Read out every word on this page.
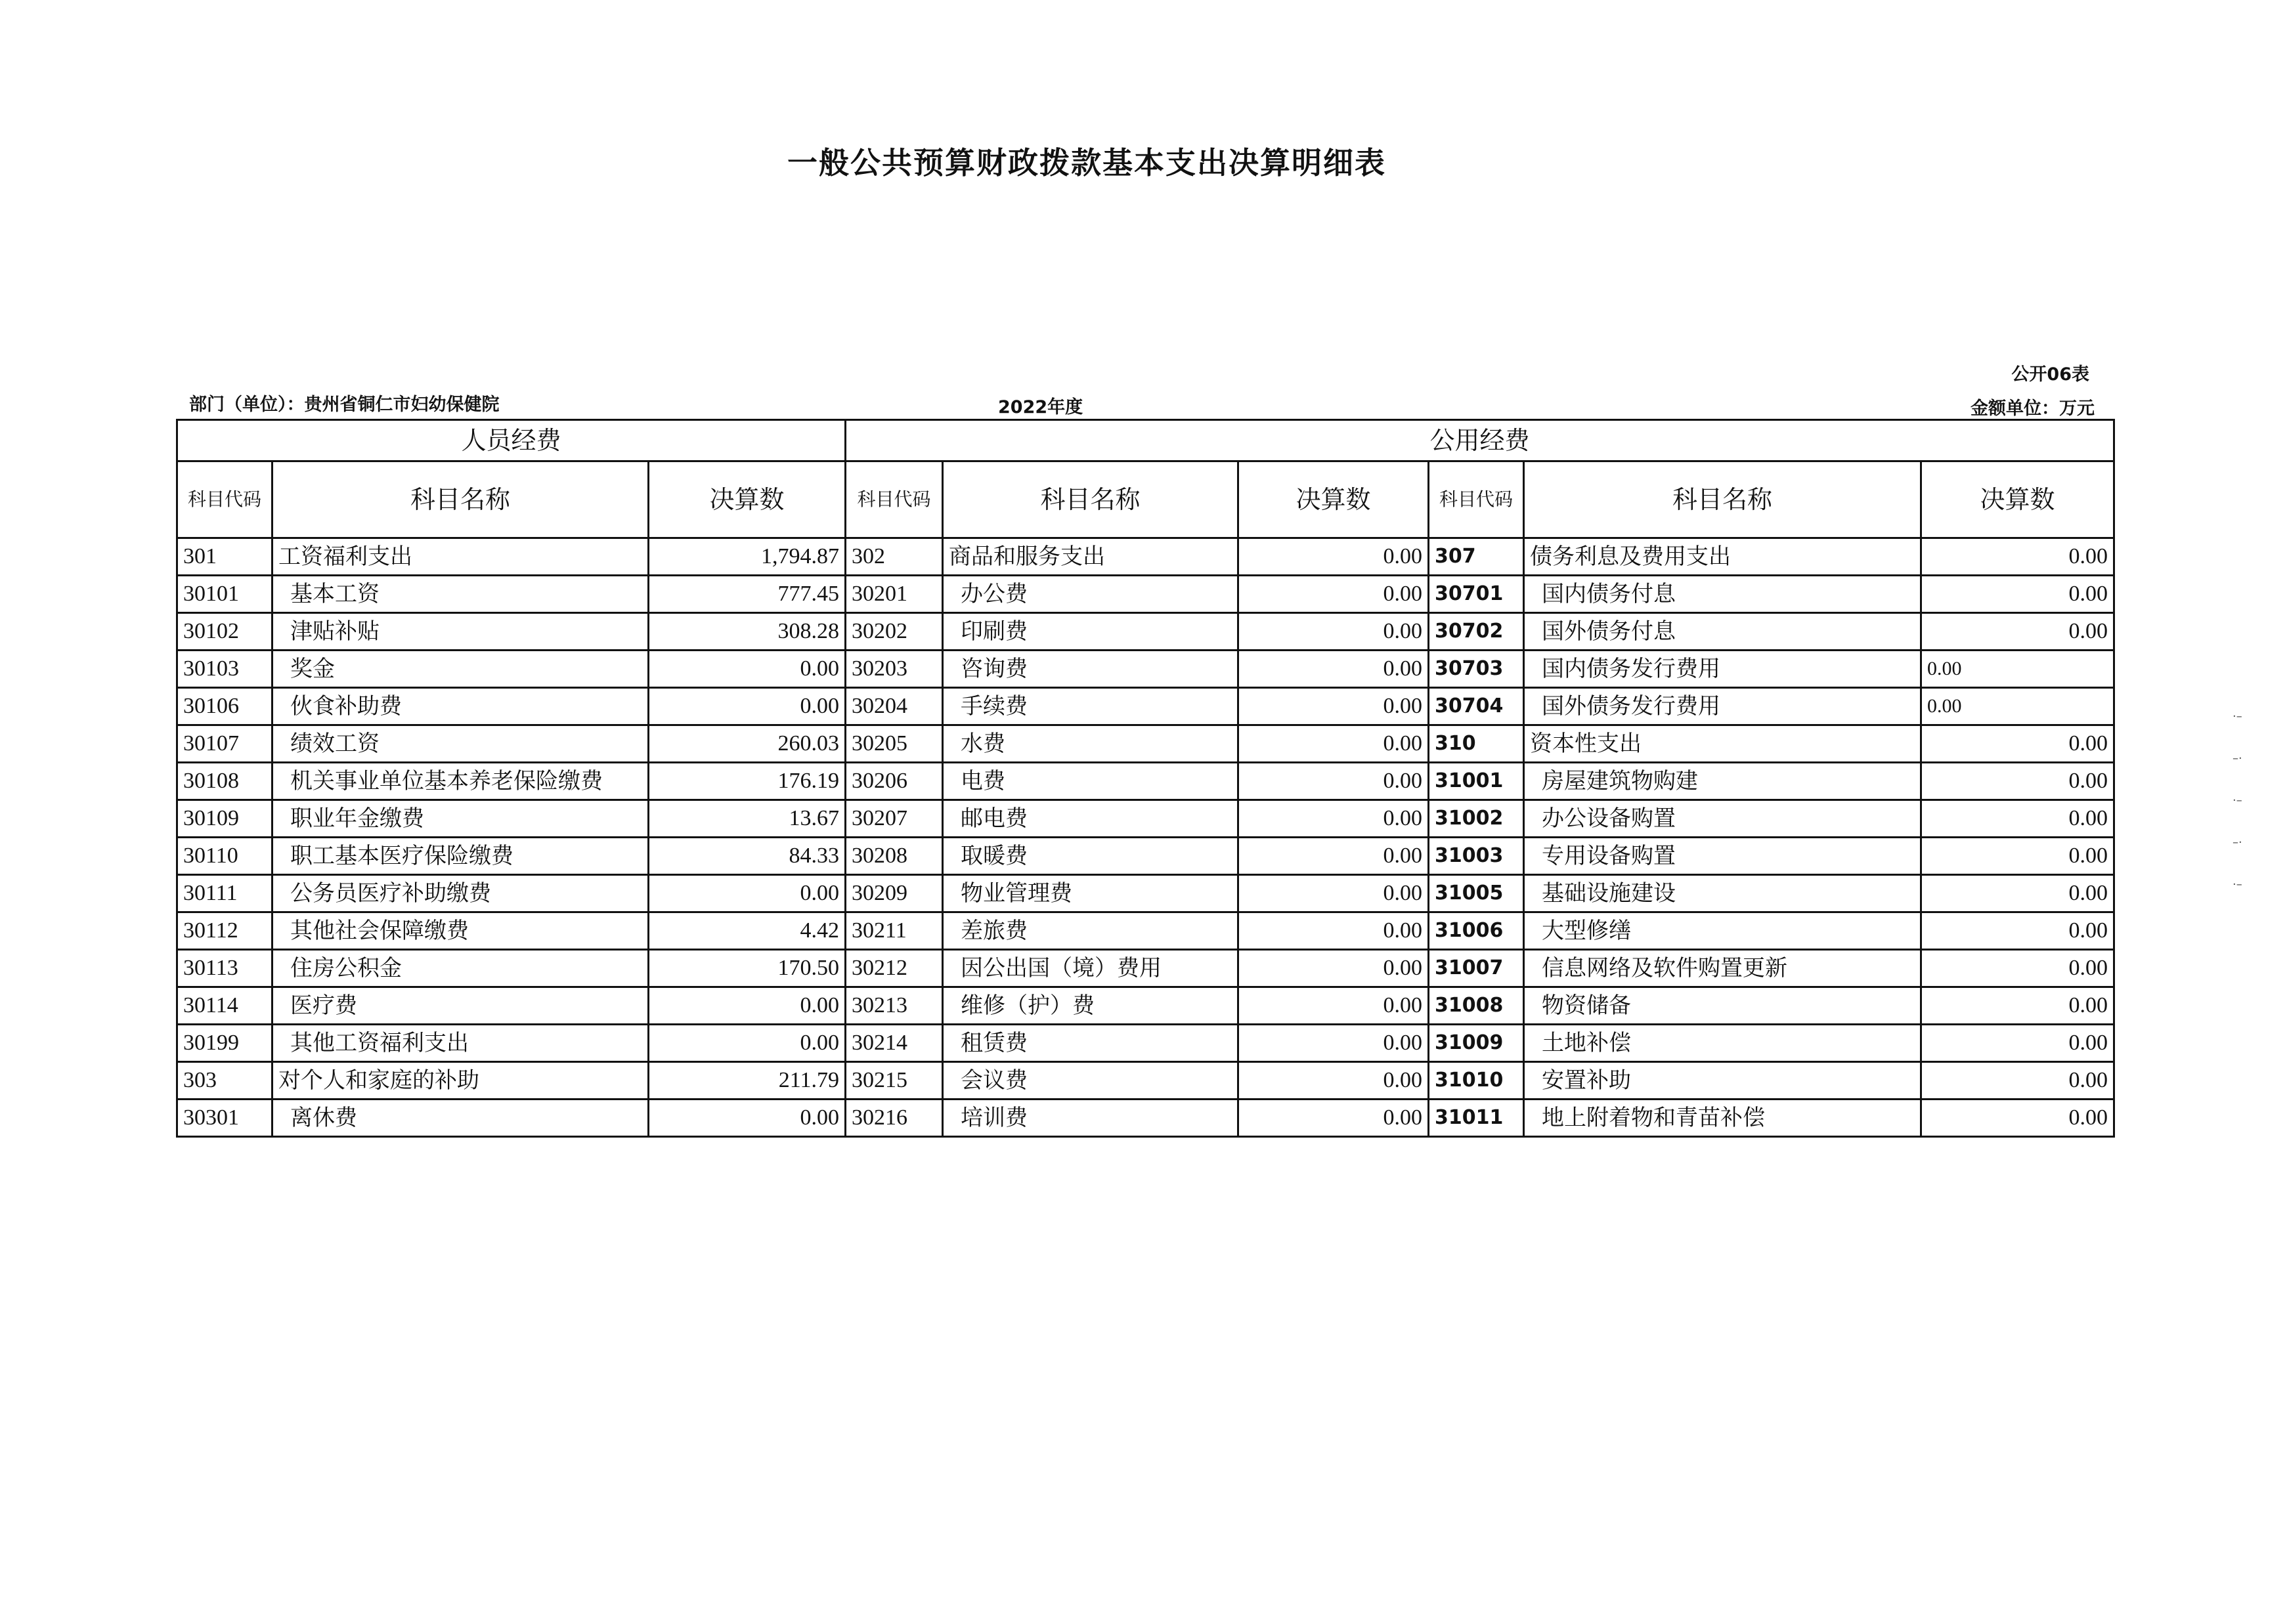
一般公共预算财政拨款基本支出决算明细表
公开06表
部门（单位）：贵州省铜仁市妇幼保健院	2022年度	金额单位：万元
人员经费			公用经费					
科目代码	科目名称	决算数	科目代码	科目名称	决算数	科目代码	科目名称	决算数
301	工资福利支出	1,794.87	302	商品和服务支出	0.00	307	债务利息及费用支出	0.00
30101	基本工资	777.45	30201	办公费	0.00	30701	国内债务付息	0.00
30102	津贴补贴	308.28	30202	印刷费	0.00	30702	国外债务付息	0.00
30103	奖金	0.00	30203	咨询费	0.00	30703	国内债务发行费用	0.00
30106	伙食补助费	0.00	30204	手续费	0.00	30704	国外债务发行费用	0.00
30107	绩效工资	260.03	30205	水费	0.00	310	资本性支出	0.00
30108	机关事业单位基本养老保险缴费	176.19	30206	电费	0.00	31001	房屋建筑物购建	0.00
30109	职业年金缴费	13.67	30207	邮电费	0.00	31002	办公设备购置	0.00
30110	职工基本医疗保险缴费	84.33	30208	取暖费	0.00	31003	专用设备购置	0.00
30111	公务员医疗补助缴费	0.00	30209	物业管理费	0.00	31005	基础设施建设	0.00
30112	其他社会保障缴费	4.42	30211	差旅费	0.00	31006	大型修缮	0.00
30113	住房公积金	170.50	30212	因公出国（境）费用	0.00	31007	信息网络及软件购置更新	0.00
30114	医疗费	0.00	30213	维修（护）费	0.00	31008	物资储备	0.00
30199	其他工资福利支出	0.00	30214	租赁费	0.00	31009	土地补偿	0.00
303	对个人和家庭的补助	211.79	30215	会议费	0.00	31010	安置补助	0.00
30301	离休费	0.00	30216	培训费	0.00	31011	地上附着物和青苗补偿	0.00
·–
–·
·–
–·
·–
